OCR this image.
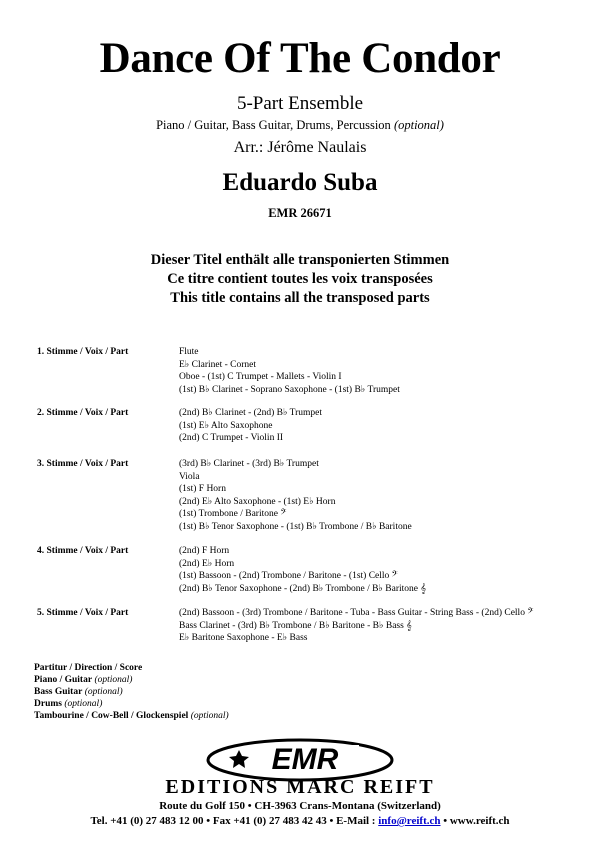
Dance Of The Condor
5-Part Ensemble
Piano / Guitar, Bass Guitar, Drums, Percussion (optional)
Arr.: Jérôme Naulais
Eduardo Suba
EMR 26671
Dieser Titel enthält alle transponierten Stimmen
Ce titre contient toutes les voix transposées
This title contains all the transposed parts
1. Stimme / Voix / Part	Flute
E♭ Clarinet - Cornet
Oboe - (1st) C Trumpet - Mallets - Violin I
(1st) B♭ Clarinet - Soprano Saxophone - (1st) B♭ Trumpet
2. Stimme / Voix / Part	(2nd) B♭ Clarinet - (2nd) B♭ Trumpet
(1st) E♭ Alto Saxophone
(2nd) C Trumpet - Violin II
3. Stimme / Voix / Part	(3rd) B♭ Clarinet - (3rd) B♭ Trumpet
Viola
(1st) F Horn
(2nd) E♭ Alto Saxophone - (1st) E♭ Horn
(1st) Trombone / Baritone 𝄢
(1st) B♭ Tenor Saxophone - (1st) B♭ Trombone / B♭ Baritone
4. Stimme / Voix / Part	(2nd) F Horn
(2nd) E♭ Horn
(1st) Bassoon - (2nd) Trombone / Baritone - (1st) Cello 𝄢
(2nd) B♭ Tenor Saxophone - (2nd) B♭ Trombone / B♭ Baritone 𝄞
5. Stimme / Voix / Part	(2nd) Bassoon - (3rd) Trombone / Baritone - Tuba - Bass Guitar - String Bass - (2nd) Cello 𝄢
Bass Clarinet - (3rd) B♭ Trombone / B♭ Baritone - B♭ Bass 𝄞
E♭ Baritone Saxophone - E♭ Bass
Partitur / Direction / Score
Piano / Guitar (optional)
Bass Guitar (optional)
Drums (optional)
Tambourine / Cow-Bell / Glockenspiel (optional)
EMR
EDITIONS MARC REIFT
Route du Golf 150 • CH-3963 Crans-Montana (Switzerland)
Tel. +41 (0) 27 483 12 00 • Fax +41 (0) 27 483 42 43 • E-Mail : info@reift.ch • www.reift.ch
